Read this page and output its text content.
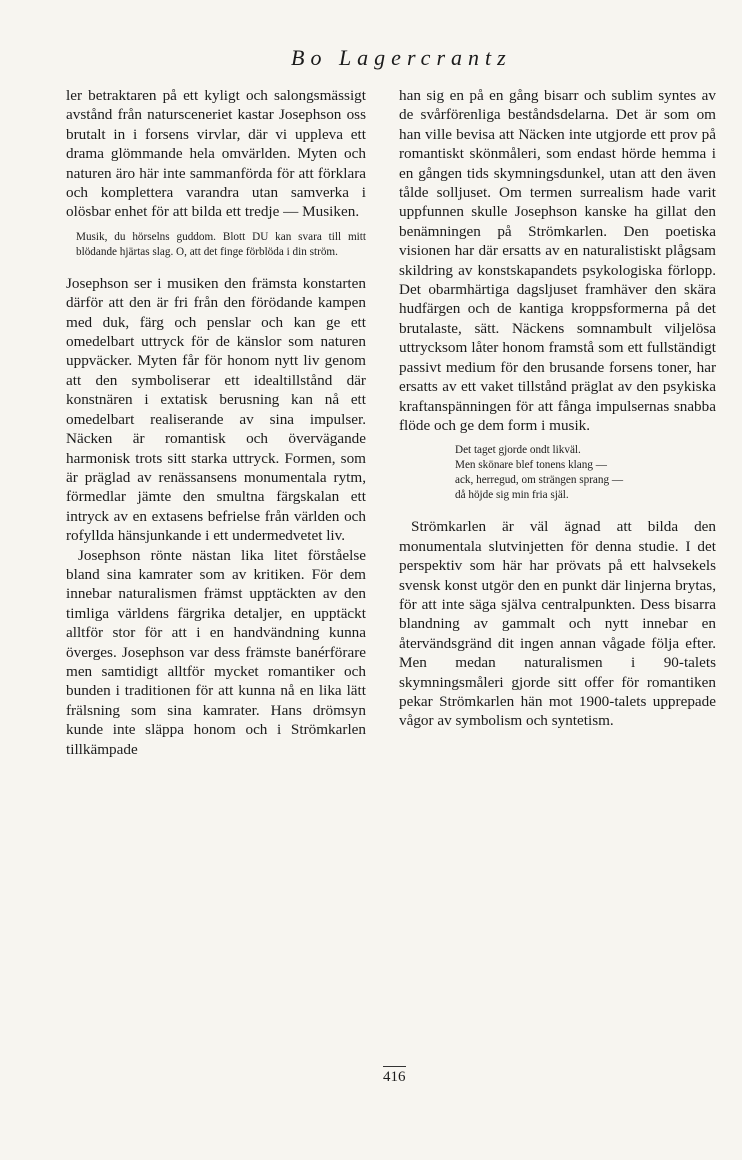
Bo Lagercrantz

ler betraktaren på ett kyligt och salongsmässigt avstånd från natursceneriet kastar Josephson oss brutalt in i forsens virvlar, där vi uppleva ett drama glömmande hela omvärlden. Myten och naturen äro här inte sammanförda för att förklara och komplettera varandra utan samverka i olösbar enhet för att bilda ett tredje — Musiken.

Musik, du hörselns guddom. Blott DU kan svara till mitt blödande hjärtas slag. O, att det finge förblöda i din ström.

Josephson ser i musiken den främsta konstarten därför att den är fri från den förödande kampen med duk, färg och penslar och kan ge ett omedelbart uttryck för de känslor som naturen uppväcker. Myten får för honom nytt liv genom att den symboliserar ett idealtillstånd där konstnären i extatisk berusning kan nå ett omedelbart realiserande av sina impulser. Näcken är romantisk och övervägande harmonisk trots sitt starka uttryck. Formen, som är präglad av renässansens monumentala rytm, förmedlar jämte den smultna färgskalan ett intryck av en extasens befrielse från världen och rofyllda hänsjunkande i ett undermedvetet liv.

Josephson rönte nästan lika litet förståelse bland sina kamrater som av kritiken. För dem innebar naturalismen främst upptäckten av den timliga världens färgrika detaljer, en upptäckt alltför stor för att i en handvändning kunna överges. Josephson var dess främste banérförare men samtidigt alltför mycket romantiker och bunden i traditionen för att kunna nå en lika lätt frälsning som sina kamrater. Hans drömsyn kunde inte släppa honom och i Strömkarlen tillkämpade

han sig en på en gång bisarr och sublim syntes av de svårförenliga beståndsdelarna. Det är som om han ville bevisa att Näcken inte utgjorde ett prov på romantiskt skönmåleri, som endast hörde hemma i en gången tids skymningsdunkel, utan att den även tålde solljuset. Om termen surrealism hade varit uppfunnen skulle Josephson kanske ha gillat den benämningen på Strömkarlen. Den poetiska visionen har där ersatts av en naturalistiskt plågsam skildring av konstskapandets psykologiska förlopp. Det obarmhärtiga dagsljuset framhäver den skära hudfärgen och de kantiga kroppsformerna på det brutalaste, sätt. Näckens somnambult viljelösa uttrycksom låter honom framstå som ett fullständigt passivt medium för den brusande forsens toner, har ersatts av ett vaket tillstånd präglat av den psykiska kraftanspänningen för att fånga impulsernas snabba flöde och ge dem form i musik.

Det taget gjorde ondt likväl.
Men skönare blef tonens klang —
ack, herregud, om strängen sprang —
då höjde sig min fria själ.

Strömkarlen är väl ägnad att bilda den monumentala slutvinjetten för denna studie. I det perspektiv som här har prövats på ett halvsekels svensk konst utgör den en punkt där linjerna brytas, för att inte säga själva centralpunkten. Dess bisarra blandning av gammalt och nytt innebar en återvändsgränd dit ingen annan vågade följa efter. Men medan naturalismen i 90-talets skymningsmåleri gjorde sitt offer för romantiken pekar Strömkarlen hän mot 1900-talets upprepade vågor av symbolism och syntetism.

416
